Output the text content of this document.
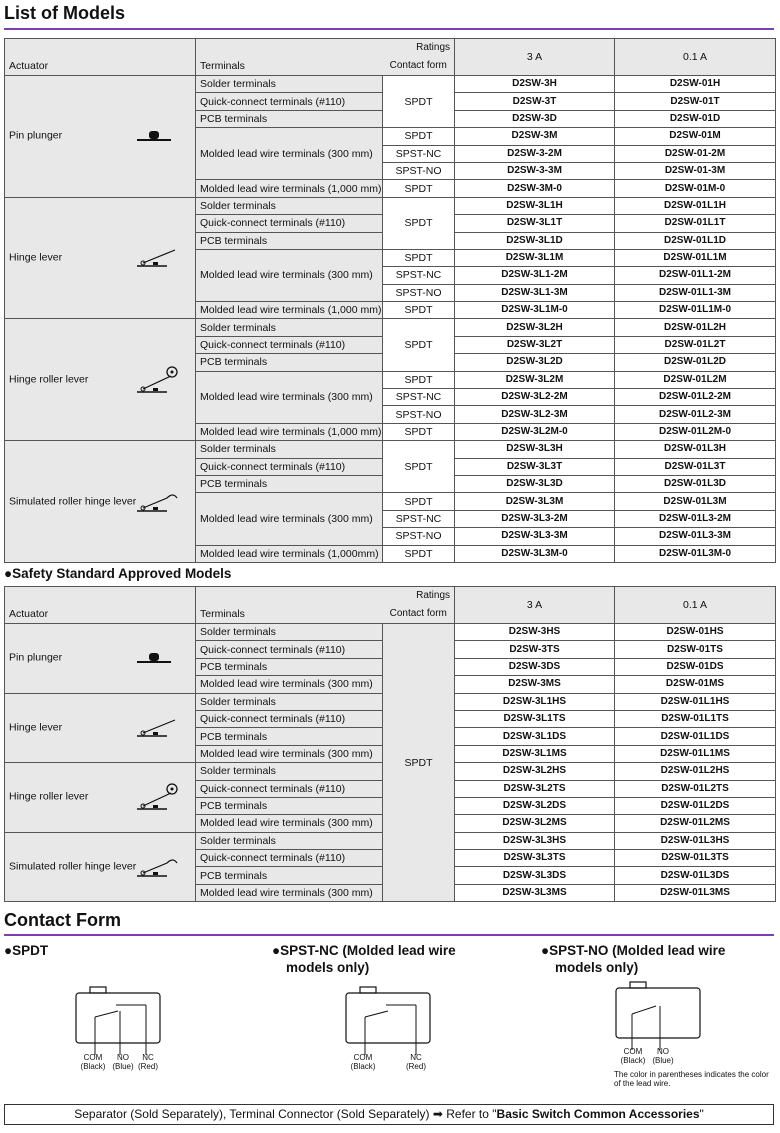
List of Models
Actuator	Terminals	Ratings	3 A	0.1 A
		Contact form		

Pin plunger	Solder terminals	SPDT	D2SW-3H	D2SW-01H
	Quick-connect terminals (#110)		D2SW-3T	D2SW-01T
	PCB terminals		D2SW-3D	D2SW-01D
	Molded lead wire terminals (300 mm)	SPDT	D2SW-3M	D2SW-01M
		SPST-NC	D2SW-3-2M	D2SW-01-2M
		SPST-NO	D2SW-3-3M	D2SW-01-3M
	Molded lead wire terminals (1,000 mm)	SPDT	D2SW-3M-0	D2SW-01M-0

Hinge lever	Solder terminals	SPDT	D2SW-3L1H	D2SW-01L1H
	Quick-connect terminals (#110)		D2SW-3L1T	D2SW-01L1T
	PCB terminals		D2SW-3L1D	D2SW-01L1D
	Molded lead wire terminals (300 mm)	SPDT	D2SW-3L1M	D2SW-01L1M
		SPST-NC	D2SW-3L1-2M	D2SW-01L1-2M
		SPST-NO	D2SW-3L1-3M	D2SW-01L1-3M
	Molded lead wire terminals (1,000 mm)	SPDT	D2SW-3L1M-0	D2SW-01L1M-0

Hinge roller lever	Solder terminals	SPDT	D2SW-3L2H	D2SW-01L2H
	Quick-connect terminals (#110)		D2SW-3L2T	D2SW-01L2T
	PCB terminals		D2SW-3L2D	D2SW-01L2D
	Molded lead wire terminals (300 mm)	SPDT	D2SW-3L2M	D2SW-01L2M
		SPST-NC	D2SW-3L2-2M	D2SW-01L2-2M
		SPST-NO	D2SW-3L2-3M	D2SW-01L2-3M
	Molded lead wire terminals (1,000 mm)	SPDT	D2SW-3L2M-0	D2SW-01L2M-0

Simulated roller hinge lever	Solder terminals	SPDT	D2SW-3L3H	D2SW-01L3H
	Quick-connect terminals (#110)		D2SW-3L3T	D2SW-01L3T
	PCB terminals		D2SW-3L3D	D2SW-01L3D
	Molded lead wire terminals (300 mm)	SPDT	D2SW-3L3M	D2SW-01L3M
		SPST-NC	D2SW-3L3-2M	D2SW-01L3-2M
		SPST-NO	D2SW-3L3-3M	D2SW-01L3-3M
	Molded lead wire terminals (1,000mm)	SPDT	D2SW-3L3M-0	D2SW-01L3M-0
●Safety Standard Approved Models
Actuator	Terminals	Ratings	3 A	0.1 A
		Contact form		

Pin plunger	Solder terminals	SPDT	D2SW-3HS	D2SW-01HS
	Quick-connect terminals (#110)		D2SW-3TS	D2SW-01TS
	PCB terminals		D2SW-3DS	D2SW-01DS
	Molded lead wire terminals (300 mm)		D2SW-3MS	D2SW-01MS

Hinge lever	Solder terminals		D2SW-3L1HS	D2SW-01L1HS
	Quick-connect terminals (#110)		D2SW-3L1TS	D2SW-01L1TS
	PCB terminals		D2SW-3L1DS	D2SW-01L1DS
	Molded lead wire terminals (300 mm)		D2SW-3L1MS	D2SW-01L1MS

Hinge roller lever	Solder terminals		D2SW-3L2HS	D2SW-01L2HS
	Quick-connect terminals (#110)		D2SW-3L2TS	D2SW-01L2TS
	PCB terminals		D2SW-3L2DS	D2SW-01L2DS
	Molded lead wire terminals (300 mm)		D2SW-3L2MS	D2SW-01L2MS

Simulated roller hinge lever	Solder terminals		D2SW-3L3HS	D2SW-01L3HS
	Quick-connect terminals (#110)		D2SW-3L3TS	D2SW-01L3TS
	PCB terminals		D2SW-3L3DS	D2SW-01L3DS
	Molded lead wire terminals (300 mm)		D2SW-3L3MS	D2SW-01L3MS
Contact Form
●SPDT
COM
(Black)
NO
(Blue)
NC
(Red)
●SPST-NC (Molded lead wire
models only)
COM
(Black)
NC
(Red)
●SPST-NO (Molded lead wire
models only)
COM
(Black)
NO
(Blue)
The color in parentheses indicates the color of the lead wire.
Separator (Sold Separately), Terminal Connector (Sold Separately) ➡ Refer to "Basic Switch Common Accessories"
